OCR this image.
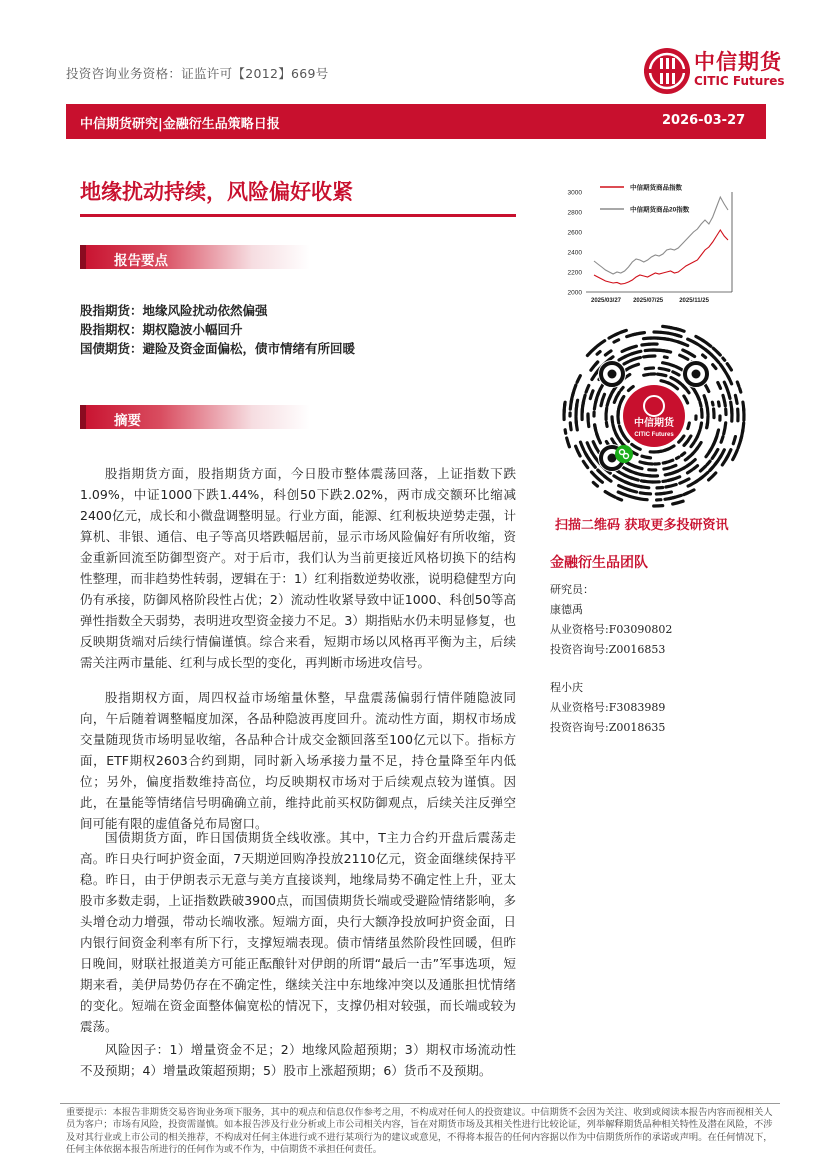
投资咨询业务资格：证监许可【2012】669号	中信期货
CITIC Futures
中信期货研究|金融衍生品策略日报	2026-03-27
地缘扰动持续，风险偏好收紧
报告要点
股指期货：地缘风险扰动依然偏强
股指期权：期权隐波小幅回升
国债期货：避险及资金面偏松，债市情绪有所回暖
摘要

股指期货方面，股指期货方面，今日股市整体震荡回落，上证指数下跌1.09%，中证1000下跌1.44%，科创50下跌2.02%，两市成交额环比缩减2400亿元，成长和小微盘调整明显。行业方面，能源、红利板块逆势走强，计算机、非银、通信、电子等高贝塔跌幅居前，显示市场风险偏好有所收缩，资金重新回流至防御型资产。对于后市，我们认为当前更接近风格切换下的结构性整理，而非趋势性转弱，逻辑在于：1）红利指数逆势收涨，说明稳健型方向仍有承接，防御风格阶段性占优；2）流动性收紧导致中证1000、科创50等高弹性指数全天弱势，表明进攻型资金接力不足。3）期指贴水仍未明显修复，也反映期货端对后续行情偏谨慎。综合来看，短期市场以风格再平衡为主，后续需关注两市量能、红利与成长型的变化，再判断市场进攻信号。

股指期权方面，周四权益市场缩量休整，早盘震荡偏弱行情伴随隐波同向，午后随着调整幅度加深，各品种隐波再度回升。流动性方面，期权市场成交量随现货市场明显收缩，各品种合计成交金额回落至100亿元以下。指标方面，ETF期权2603合约到期，同时新入场承接力量不足，持仓量降至年内低位；另外，偏度指数维持高位，均反映期权市场对于后续观点较为谨慎。因此，在量能等情绪信号明确确立前，维持此前买权防御观点，后续关注反弹空间可能有限的虚值备兑布局窗口。

国债期货方面，昨日国债期货全线收涨。其中，T主力合约开盘后震荡走高。昨日央行呵护资金面，7天期逆回购净投放2110亿元，资金面继续保持平稳。昨日，由于伊朗表示无意与美方直接谈判，地缘局势不确定性上升，亚太股市多数走弱，上证指数跌破3900点，而国债期货长端或受避险情绪影响，多头增仓动力增强，带动长端收涨。短端方面，央行大额净投放呵护资金面，日内银行间资金利率有所下行，支撑短端表现。债市情绪虽然阶段性回暖，但昨日晚间，财联社报道美方可能正酝酿针对伊朗的所谓“最后一击”军事选项，短期来看，美伊局势仍存在不确定性，继续关注中东地缘冲突以及通胀担忧情绪的变化。短端在资金面整体偏宽松的情况下，支撑仍相对较强，而长端或较为震荡。

风险因子：1）增量资金不足；2）地缘风险超预期；3）期权市场流动性不及预期；4）增量政策超预期；5）股市上涨超预期；6）货币不及预期。

3000
2800
2600
2400
2200
2000
2025/03/27 2025/07/25	2025/11/25
中信期货商品指数
中信期货商品20指数
中信期货
CITIC Futures
扫描二维码 获取更多投研资讯
金融衍生品团队
研究员：
康德禹
从业资格号:F03090802
投资咨询号:Z0016853
程小庆
从业资格号:F3083989
投资咨询号:Z0018635

重要提示：本报告非期货交易咨询业务项下服务，其中的观点和信息仅作参考之用，不构成对任何人的投资建议。中信期货不会因为关注、收到或阅读本报告内容而视相关人员为客户；市场有风险，投资需谨慎。如本报告涉及行业分析或上市公司相关内容，旨在对期货市场及其相关性进行比较论证，列举解释期货品种相关特性及潜在风险，不涉及对其行业或上市公司的相关推荐，不构成对任何主体进行或不进行某项行为的建议或意见，不得将本报告的任何内容据以作为中信期货所作的承诺或声明。在任何情况下，任何主体依据本报告所进行的任何作为或不作为，中信期货不承担任何责任。
